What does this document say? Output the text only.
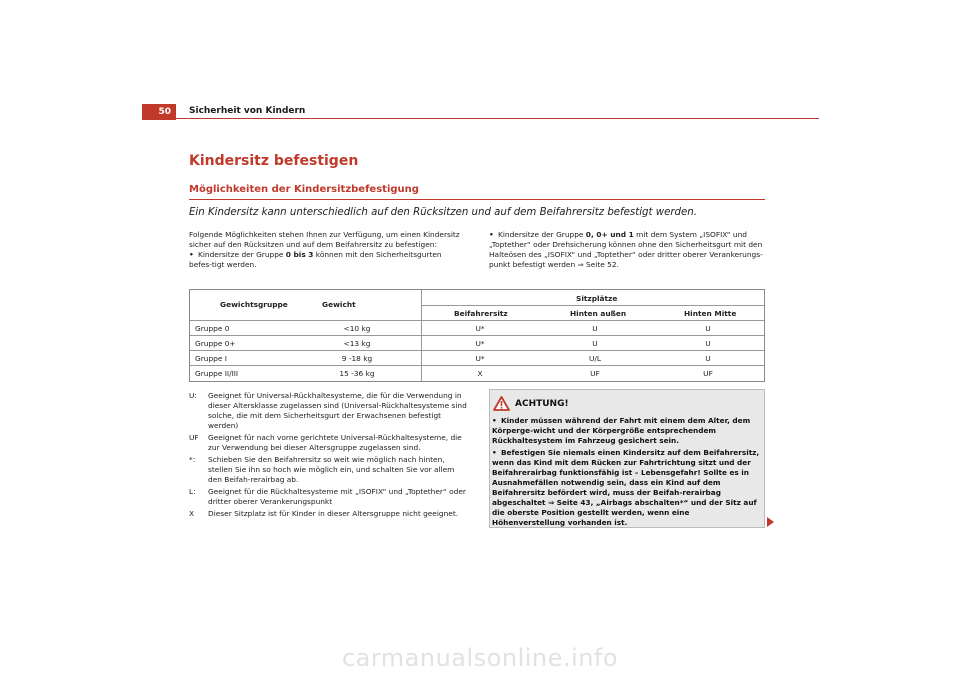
50 Sicherheit von Kindern
Kindersitz befestigen
Möglichkeiten der Kindersitzbefestigung
Ein Kindersitz kann unterschiedlich auf den Rücksitzen und auf dem Beifahrersitz befestigt werden.

Folgende Möglichkeiten stehen Ihnen zur Verfügung, um einen Kindersitz sicher auf den Rücksitzen und auf dem Beifahrersitz zu befestigen:

• Kindersitze der Gruppe 0 bis 3 können mit den Sicherheitsgurten befes-tigt werden.

• Kindersitze der Gruppe 0, 0+ und 1 mit dem System „ISOFIX“ und „Toptether“ oder Drehsicherung können ohne den Sicherheitsgurt mit den Halteösen des „ISOFIX“ und „Toptether“ oder dritter oberer Verankerungs-punkt befestigt werden ⇒ Seite 52.

Gewichtsgruppe	Gewicht
Sitzplätze
Beifahrersitz	Hinten außen	Hinten Mitte
Gruppe 0	<10 kg	U*	U	U
Gruppe 0+	<13 kg	U*	U	U
Gruppe I	9 -18 kg	U*	U/L	U
Gruppe II/III	15 -36 kg	X	UF	UF
U:	Geeignet für Universal-Rückhaltesysteme, die für die Verwendung in dieser Altersklasse zugelassen sind (Universal-Rückhaltesysteme sind solche, die mit dem Sicherheitsgurt der Erwachsenen befestigt werden)
UF	Geeignet für nach vorne gerichtete Universal-Rückhaltesysteme, die zur Verwendung bei dieser Altersgruppe zugelassen sind.
*:	Schieben Sie den Beifahrersitz so weit wie möglich nach hinten, stellen Sie ihn so hoch wie möglich ein, und schalten Sie vor allem den Beifah-rerairbag ab.
L:	Geeignet für die Rückhaltesysteme mit „ISOFIX“ und „Toptether“ oder dritter oberer Verankerungspunkt
X	Dieser Sitzplatz ist für Kinder in dieser Altersgruppe nicht geeignet.
ACHTUNG!

• Kinder müssen während der Fahrt mit einem dem Alter, dem Körperge-wicht und der Körpergröße entsprechendem Rückhaltesystem im Fahrzeug gesichert sein.

• Befestigen Sie niemals einen Kindersitz auf dem Beifahrersitz, wenn das Kind mit dem Rücken zur Fahrtrichtung sitzt und der Beifahrerairbag funktionsfähig ist – Lebensgefahr! Sollte es in Ausnahmefällen notwendig sein, dass ein Kind auf dem Beifahrersitz befördert wird, muss der Beifah-rerairbag abgeschaltet ⇒ Seite 43, „Airbags abschalten*“ und der Sitz auf die oberste Position gestellt werden, wenn eine Höhenverstellung vorhanden ist.

carmanualsonline.info
